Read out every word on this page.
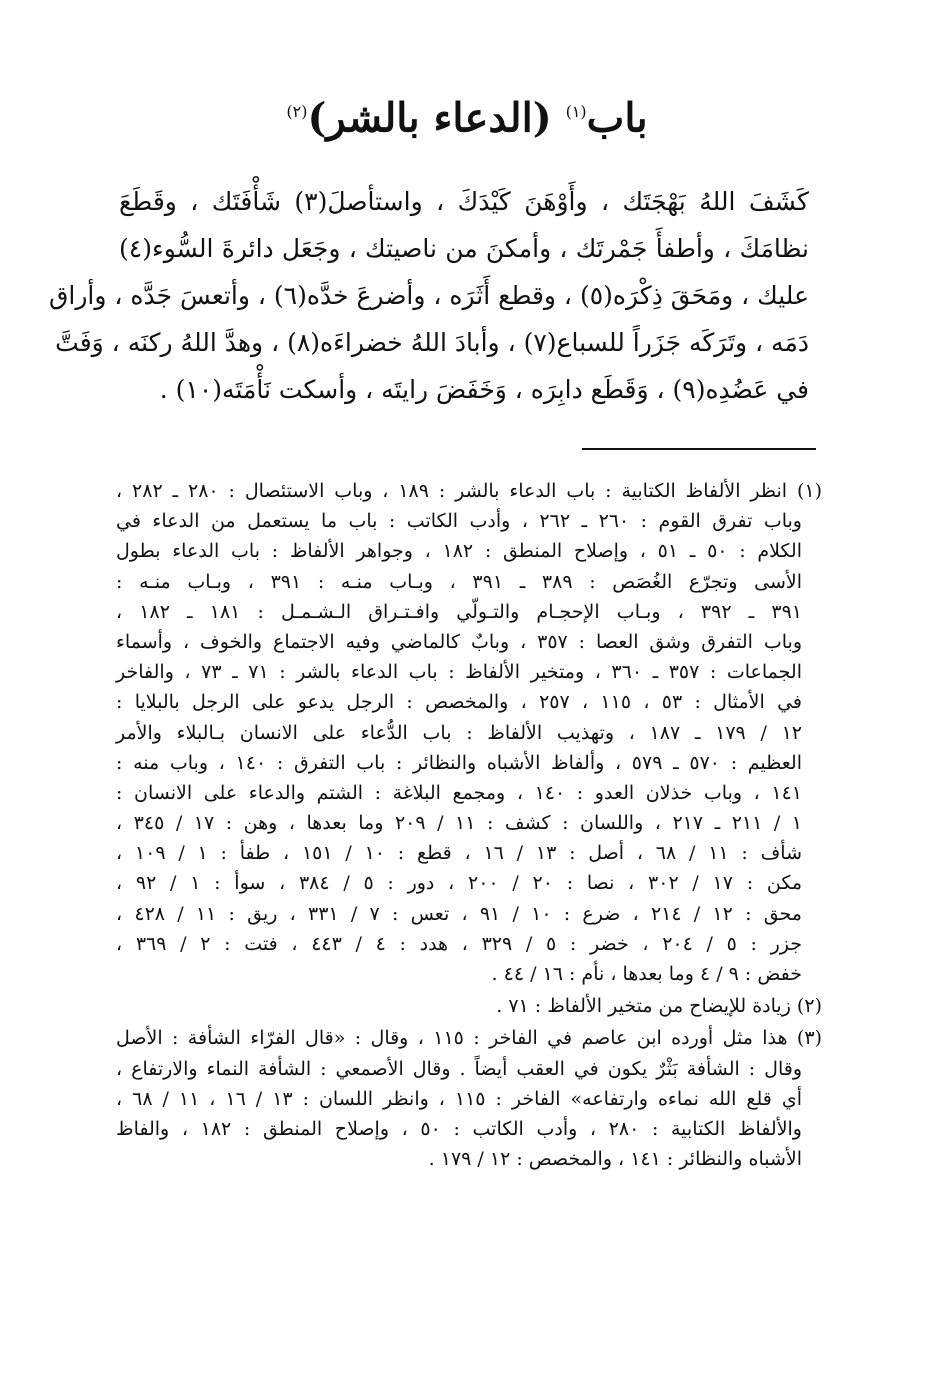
باب$^{(١)}$ (الدعاء بالشر)$^{(٢)}$
كَشَفَ اللهُ بَهْجَتَك ، وأَوْهَنَ كَيْدَكَ ، واستأصلَ(٣) شَأْفَتَك ، وقَطَعَ
نظامَكَ ، وأطفأَ جَمْرتَك ، وأمكنَ من ناصيتك ، وجَعَل دائرةَ السُّوء(٤)
عليك ، ومَحَقَ ذِكْرَه(٥) ، وقطع أَثَرَه ، وأضرعَ خدَّه(٦) ، وأتعسَ جَدَّه ، وأراق
دَمَه ، وتَرَكَه جَزَراً للسباع(٧) ، وأبادَ اللهُ خضراءَه(٨) ، وهدَّ اللهُ ركنَه ، وَفَتَّ
في عَضُدِه(٩) ، وَقَطَع دابِرَه ، وَخَفَضَ رايتَه ، وأسكت نَأْمَتَه(١٠) .
(١) انظر الألفاظ الكتابية : باب الدعاء بالشر : ١٨٩ ، وباب الاستئصال : ٢٨٠ ـ ٢٨٢ ،
وباب تفرق القوم : ٢٦٠ ـ ٢٦٢ ، وأدب الكاتب : باب ما يستعمل من الدعاء في
الكلام : ٥٠ ـ ٥١ ، وإصلاح المنطق : ١٨٢ ، وجواهر الألفاظ : باب الدعاء بطول
الأسى وتجرّع الغُصَص : ٣٨٩ ـ ٣٩١ ، وبـاب منـه : ٣٩١ ، وبـاب منـه :
٣٩١ ـ ٣٩٢ ، وبـاب الإحجـام والتـولّي وافـتـراق الـشـمـل : ١٨١ ـ ١٨٢ ،
وباب التفرق وشق العصا : ٣٥٧ ، وبابٌ كالماضي وفيه الاجتماع والخوف ، وأسماء
الجماعات : ٣٥٧ ـ ٣٦٠ ، ومتخير الألفاظ : باب الدعاء بالشر : ٧١ ـ ٧٣ ، والفاخر
في الأمثال : ٥٣ ، ١١٥ ، ٢٥٧ ، والمخصص : الرجل يدعو على الرجل بالبلايا :
١٢ / ١٧٩ ـ ١٨٧ ، وتهذيب الألفاظ : باب الدُّعاء على الانسان بـالبلاء والأمر
العظيم : ٥٧٠ ـ ٥٧٩ ، وألفاظ الأشباه والنظائر : باب التفرق : ١٤٠ ، وباب منه :
١٤١ ، وباب خذلان العدو : ١٤٠ ، ومجمع البلاغة : الشتم والدعاء على الانسان :
١ / ٢١١ ـ ٢١٧ ، واللسان : كشف : ١١ / ٢٠٩ وما بعدها ، وهن : ١٧ / ٣٤٥ ،
شأف : ١١ / ٦٨ ، أصل : ١٣ / ١٦ ، قطع : ١٠ / ١٥١ ، طفأ : ١ / ١٠٩ ،
مكن : ١٧ / ٣٠٢ ، نصا : ٢٠ / ٢٠٠ ، دور : ٥ / ٣٨٤ ، سوأ : ١ / ٩٢ ،
محق : ١٢ / ٢١٤ ، ضرع : ١٠ / ٩١ ، تعس : ٧ / ٣٣١ ، ريق : ١١ / ٤٢٨ ،
جزر : ٥ / ٢٠٤ ، خضر : ٥ / ٣٢٩ ، هدد : ٤ / ٤٤٣ ، فتت : ٢ / ٣٦٩ ،
خفض : ٩ / ٤ وما بعدها ، نأم : ١٦ / ٤٤ .
(٢) زيادة للإيضاح من متخير الألفاظ : ٧١ .
(٣) هذا مثل أورده ابن عاصم في الفاخر : ١١٥ ، وقال : «قال الفرّاء الشأفة : الأصل
وقال : الشأفة بَثْرٌ يكون في العقب أيضاً . وقال الأصمعي : الشأفة النماء والارتفاع ،
أي قلع الله نماءه وارتفاعه» الفاخر : ١١٥ ، وانظر اللسان : ١٣ / ١٦ ، ١١ / ٦٨ ،
والألفاظ الكتابية : ٢٨٠ ، وأدب الكاتب : ٥٠ ، وإصلاح المنطق : ١٨٢ ، والفاظ
الأشباه والنظائر : ١٤١ ، والمخصص : ١٢ / ١٧٩ .
